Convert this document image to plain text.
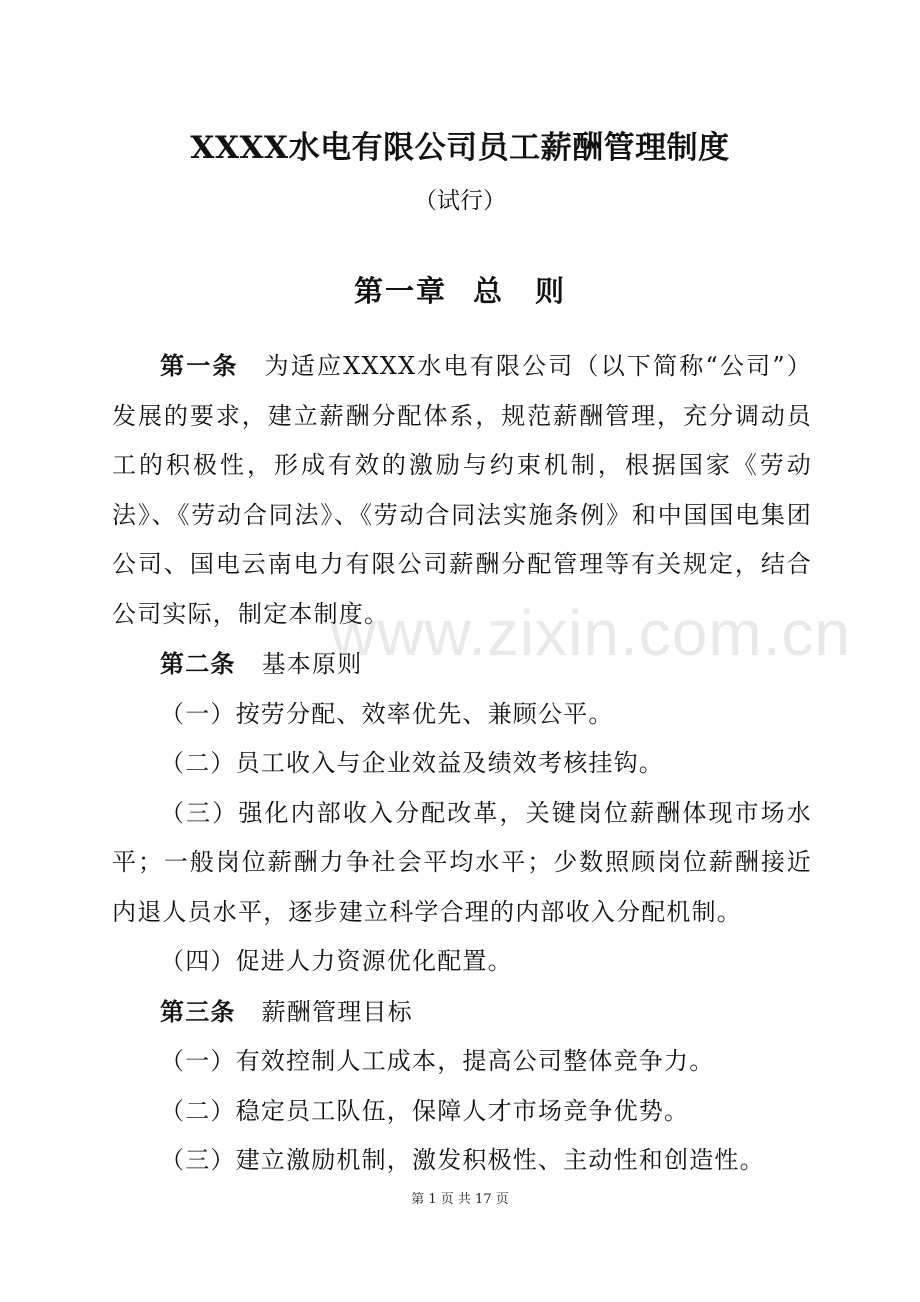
www.zixin.com.cn
XXXX水电有限公司员工薪酬管理制度
（试行）
第一章 总　则

第一条 为适应XXXX水电有限公司（以下简称“公司”）发展的要求，建立薪酬分配体系，规范薪酬管理，充分调动员工的积极性，形成有效的激励与约束机制，根据国家《劳动法》、《劳动合同法》、《劳动合同法实施条例》和中国国电集团公司、国电云南电力有限公司薪酬分配管理等有关规定，结合公司实际，制定本制度。

第二条 基本原则

（一）按劳分配、效率优先、兼顾公平。

（二）员工收入与企业效益及绩效考核挂钩。

（三）强化内部收入分配改革，关键岗位薪酬体现市场水平；一般岗位薪酬力争社会平均水平；少数照顾岗位薪酬接近内退人员水平，逐步建立科学合理的内部收入分配机制。

（四）促进人力资源优化配置。

第三条 薪酬管理目标

（一）有效控制人工成本，提高公司整体竞争力。

（二）稳定员工队伍，保障人才市场竞争优势。

（三）建立激励机制，激发积极性、主动性和创造性。

第 1 页 共 17 页
